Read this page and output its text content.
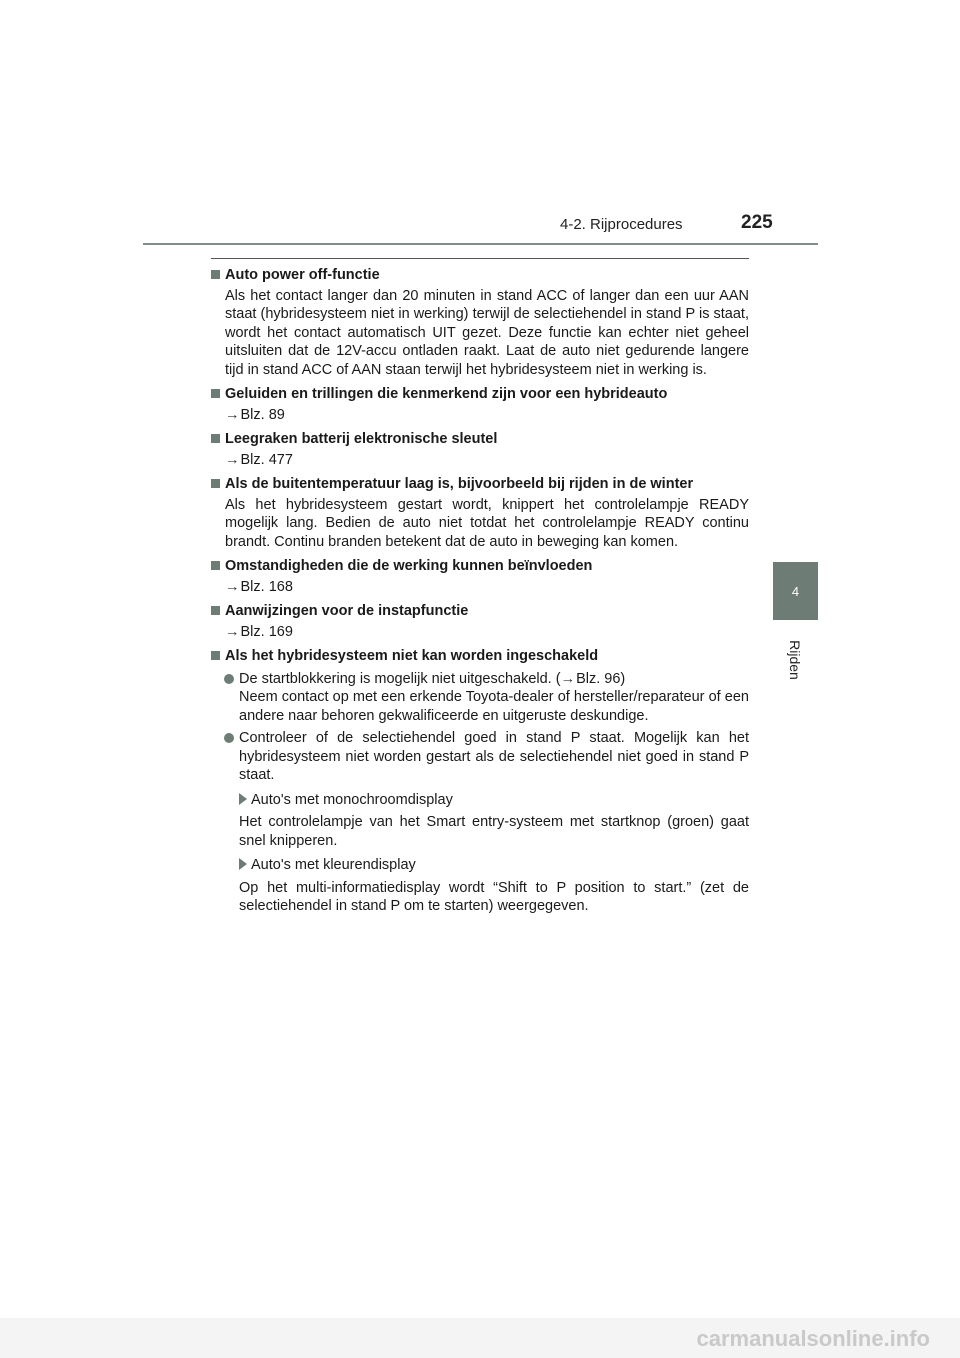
4-2. Rijprocedures	225
4
Rijden
Auto power off-functie
Als het contact langer dan 20 minuten in stand ACC of langer dan een uur AAN staat (hybridesysteem niet in werking) terwijl de selectiehendel in stand P is staat, wordt het contact automatisch UIT gezet. Deze functie kan echter niet geheel uitsluiten dat de 12V-accu ontladen raakt. Laat de auto niet gedurende langere tijd in stand ACC of AAN staan terwijl het hybridesysteem niet in werking is.
Geluiden en trillingen die kenmerkend zijn voor een hybrideauto
→Blz. 89
Leegraken batterij elektronische sleutel
→Blz. 477
Als de buitentemperatuur laag is, bijvoorbeeld bij rijden in de winter
Als het hybridesysteem gestart wordt, knippert het controlelampje READY mogelijk lang. Bedien de auto niet totdat het controlelampje READY continu brandt. Continu branden betekent dat de auto in beweging kan komen.
Omstandigheden die de werking kunnen beïnvloeden
→Blz. 168
Aanwijzingen voor de instapfunctie
→Blz. 169
Als het hybridesysteem niet kan worden ingeschakeld
De startblokkering is mogelijk niet uitgeschakeld. (→Blz. 96)
Neem contact op met een erkende Toyota-dealer of hersteller/reparateur of een andere naar behoren gekwalificeerde en uitgeruste deskundige.
Controleer of de selectiehendel goed in stand P staat. Mogelijk kan het hybridesysteem niet worden gestart als de selectiehendel niet goed in stand P staat.
Auto's met monochroomdisplay
Het controlelampje van het Smart entry-systeem met startknop (groen) gaat snel knipperen.
Auto's met kleurendisplay
Op het multi-informatiedisplay wordt “Shift to P position to start.” (zet de selectiehendel in stand P om te starten) weergegeven.
carmanualsonline.info
